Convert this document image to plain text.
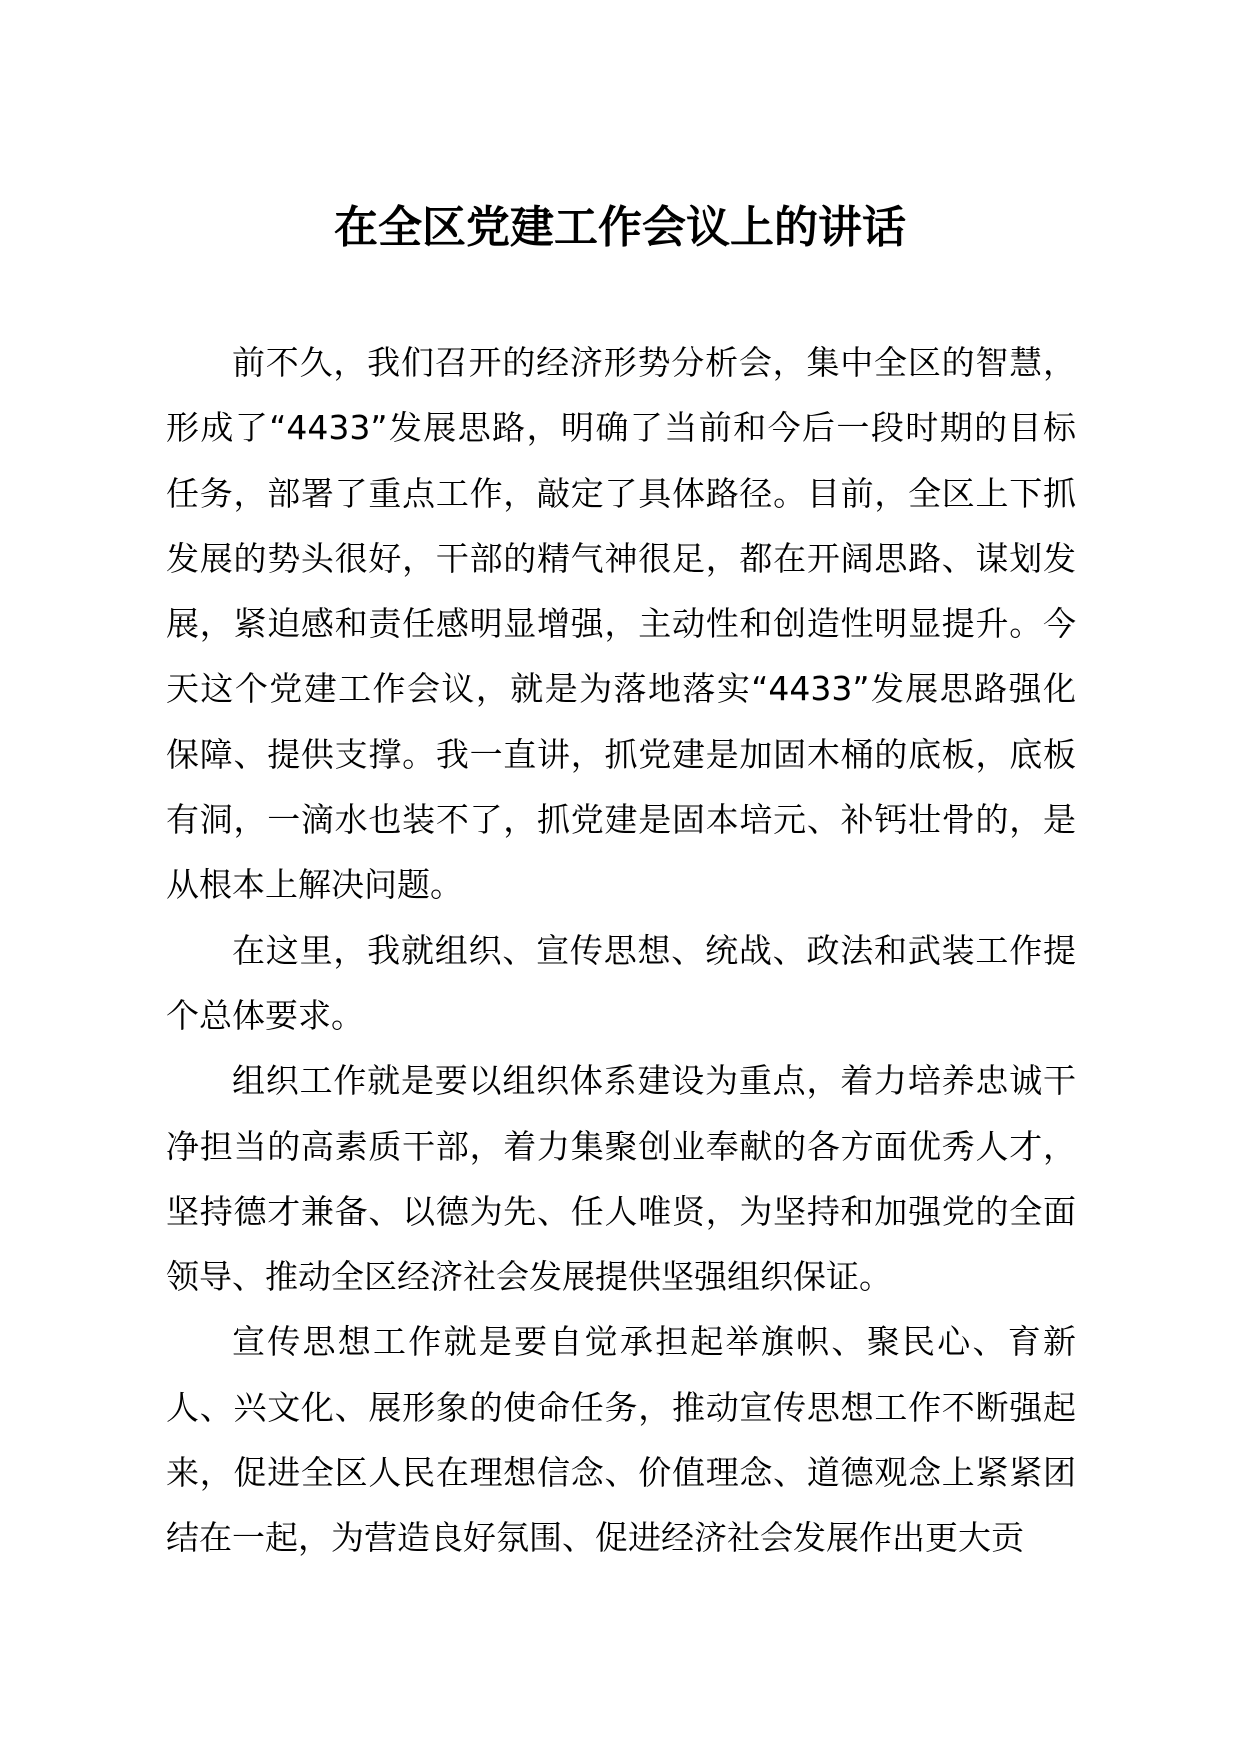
在全区党建工作会议上的讲话

前不久，我们召开的经济形势分析会，集中全区的智慧，形成了“4433”发展思路，明确了当前和今后一段时期的目标任务，部署了重点工作，敲定了具体路径。目前，全区上下抓发展的势头很好，干部的精气神很足，都在开阔思路、谋划发展，紧迫感和责任感明显增强，主动性和创造性明显提升。今天这个党建工作会议，就是为落地落实“4433”发展思路强化保障、提供支撑。我一直讲，抓党建是加固木桶的底板，底板有洞，一滴水也装不了，抓党建是固本培元、补钙壮骨的，是从根本上解决问题。

在这里，我就组织、宣传思想、统战、政法和武装工作提个总体要求。

组织工作就是要以组织体系建设为重点，着力培养忠诚干净担当的高素质干部，着力集聚创业奉献的各方面优秀人才，坚持德才兼备、以德为先、任人唯贤，为坚持和加强党的全面领导、推动全区经济社会发展提供坚强组织保证。

宣传思想工作就是要自觉承担起举旗帜、聚民心、育新人、兴文化、展形象的使命任务，推动宣传思想工作不断强起来，促进全区人民在理想信念、价值理念、道德观念上紧紧团结在一起，为营造良好氛围、促进经济社会发展作出更大贡
